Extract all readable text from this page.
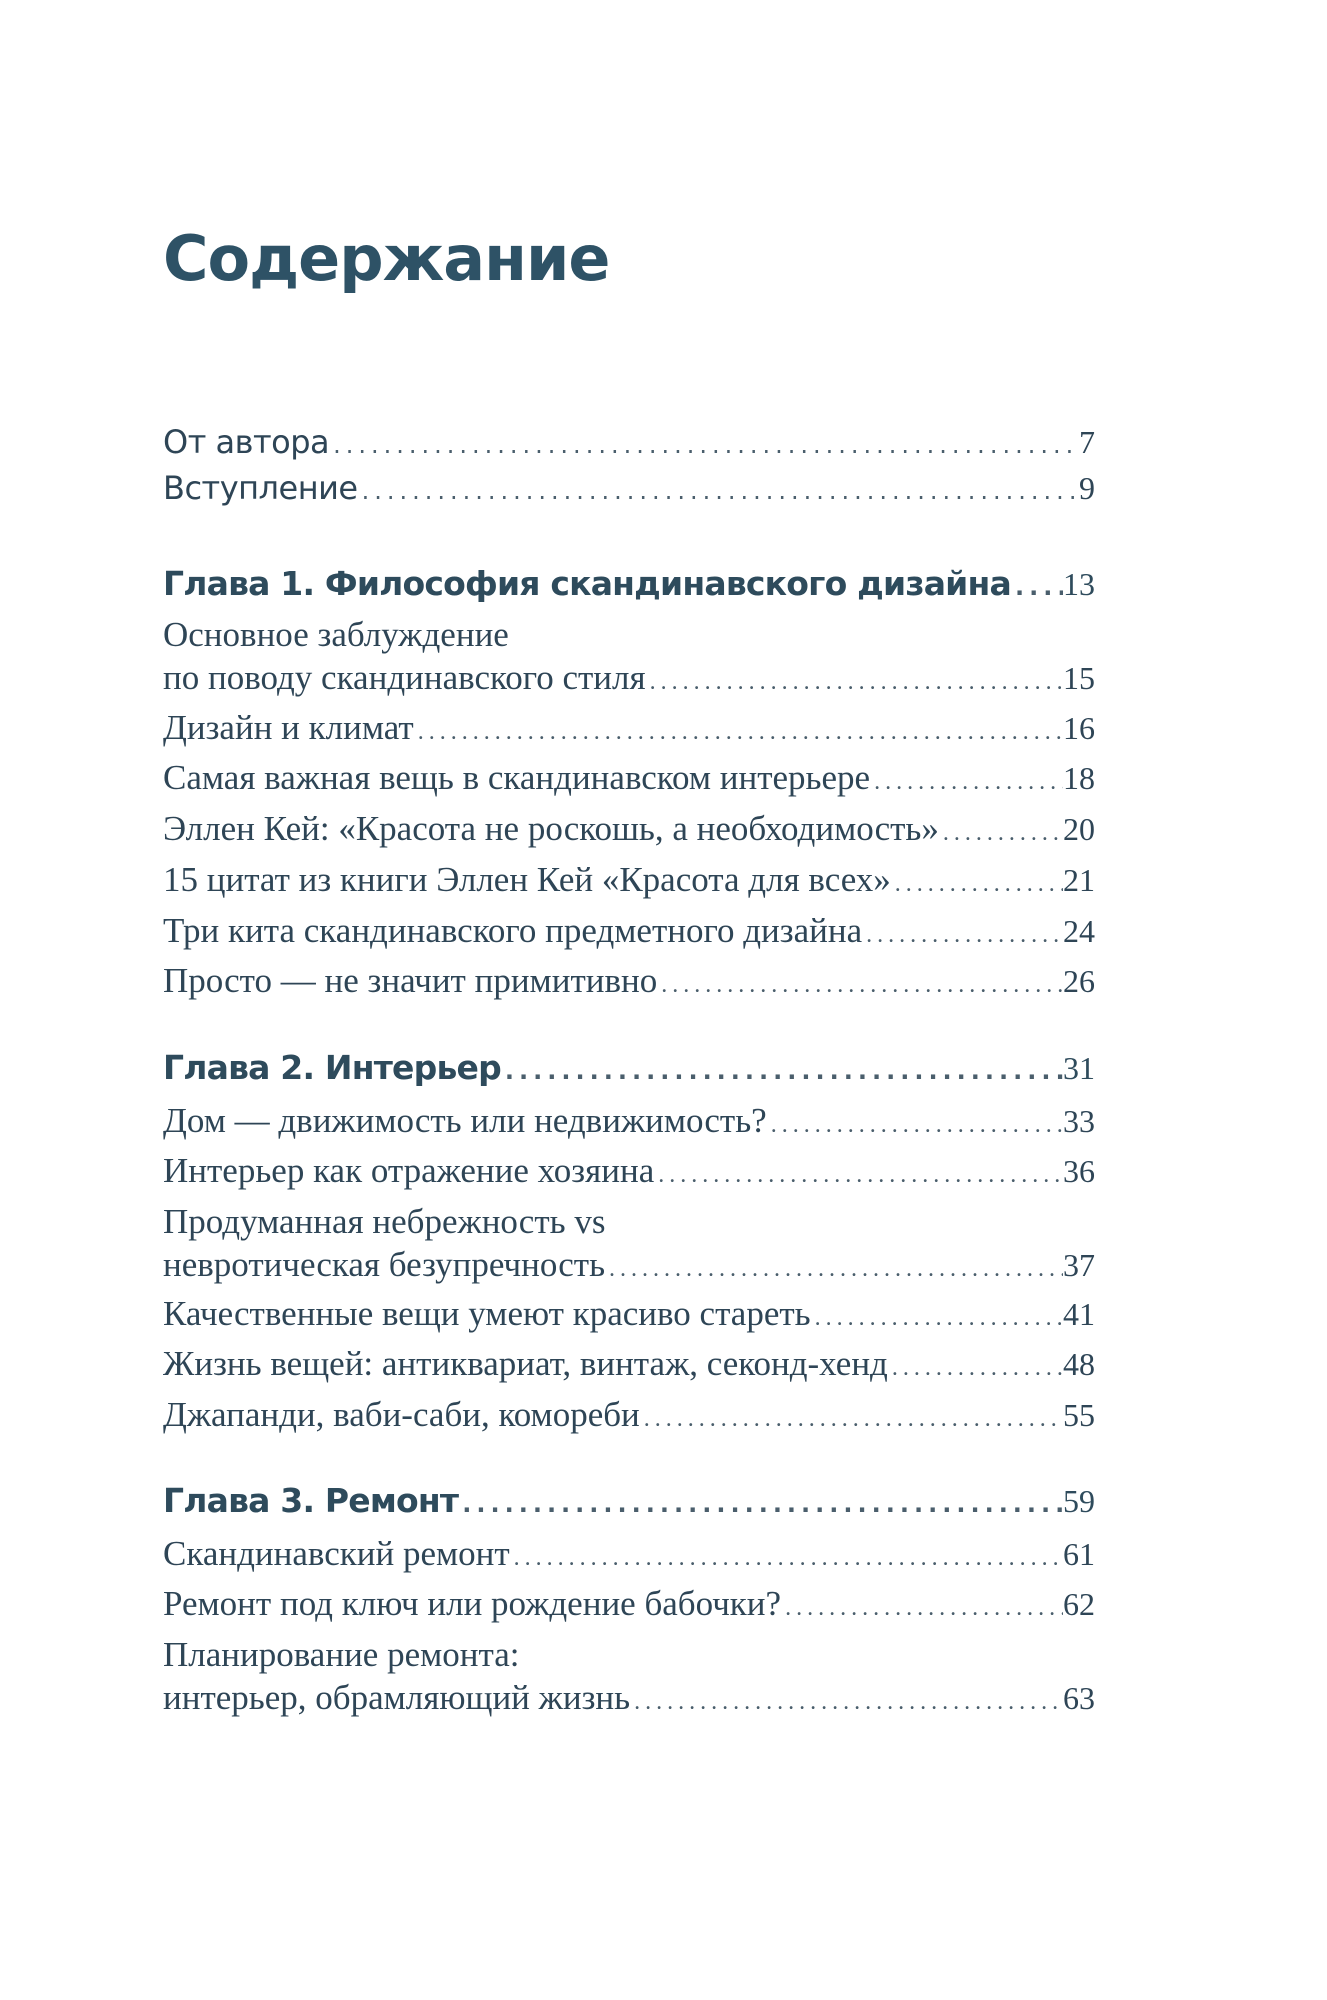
Содержание
От автора .....	7
Вступление .....	9
Глава 1. Философия скандинавского дизайна ..... 13
Основное заблуждение
по поводу скандинавского стиля .....	15
Дизайн и климат .....	16
Самая важная вещь в скандинавском интерьере .....	18
Эллен Кей: «Красота не роскошь, а необходимость» .....	20
15 цитат из книги Эллен Кей «Красота для всех» .....	21
Три кита скандинавского предметного дизайна .....	24
Просто — не значит примитивно .....	26
Глава 2. Интерьер .....	31
Дом — движимость или недвижимость? .....	33
Интерьер как отражение хозяина .....	36
Продуманная небрежность vs
невротическая безупречность .....	37
Качественные вещи умеют красиво стареть .....	41
Жизнь вещей: антиквариат, винтаж, секонд-хенд .....	48
Джапанди, ваби-саби, комореби .....	55
Глава 3. Ремонт .....	59
Скандинавский ремонт .....	61
Ремонт под ключ или рождение бабочки? .....	62
Планирование ремонта:
интерьер, обрамляющий жизнь .....	63
